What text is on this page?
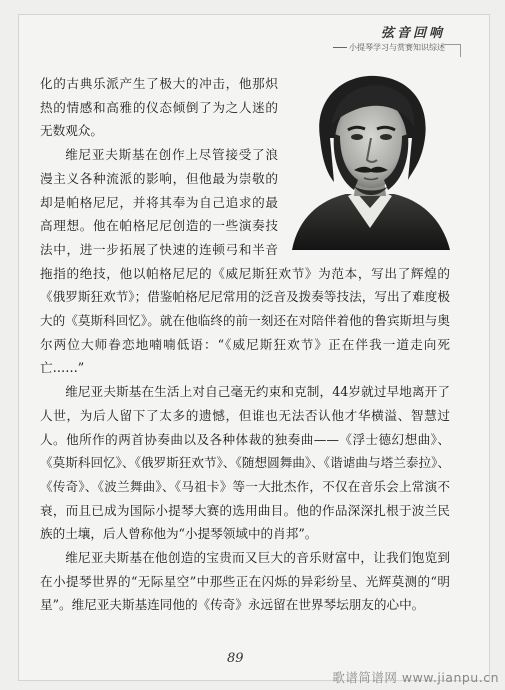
弦音回响
小提琴学习与赏赛知识综述

化的古典乐派产生了极大的冲击，他那炽热的情感和高雅的仪态倾倒了为之人迷的无数观众。

维尼亚夫斯基在创作上尽管接受了浪漫主义各种流派的影响，但他最为崇敬的却是帕格尼尼，并将其奉为自己追求的最高理想。他在帕格尼尼创造的一些演奏技法中，进一步拓展了快速的连顿弓和半音拖指的绝技，他以帕格尼尼的《威尼斯狂欢节》为范本，写出了辉煌的《俄罗斯狂欢节》；借鉴帕格尼尼常用的泛音及拨奏等技法，写出了难度极大的《莫斯科回忆》。就在他临终的前一刻还在对陪伴着他的鲁宾斯坦与奥尔两位大师眷恋地喃喃低语：“《威尼斯狂欢节》正在伴我一道走向死亡……”

维尼亚夫斯基在生活上对自己毫无约束和克制，44岁就过早地离开了人世，为后人留下了太多的遗憾，但谁也无法否认他才华横溢、智慧过人。他所作的两首协奏曲以及各种体裁的独奏曲——《浮士德幻想曲》、《莫斯科回忆》、《俄罗斯狂欢节》、《随想圆舞曲》、《谐谑曲与塔兰泰拉》、《传奇》、《波兰舞曲》、《马祖卡》等一大批杰作，不仅在音乐会上常演不衰，而且已成为国际小提琴大赛的选用曲目。他的作品深深扎根于波兰民族的土壤，后人曾称他为“小提琴领域中的肖邦”。

维尼亚夫斯基在他创造的宝贵而又巨大的音乐财富中，让我们饱览到在小提琴世界的“无际星空”中那些正在闪烁的异彩纷呈、光辉莫测的“明星”。维尼亚夫斯基连同他的《传奇》永远留在世界琴坛朋友的心中。

89
歌谱简谱网 www.jianpu.cn
